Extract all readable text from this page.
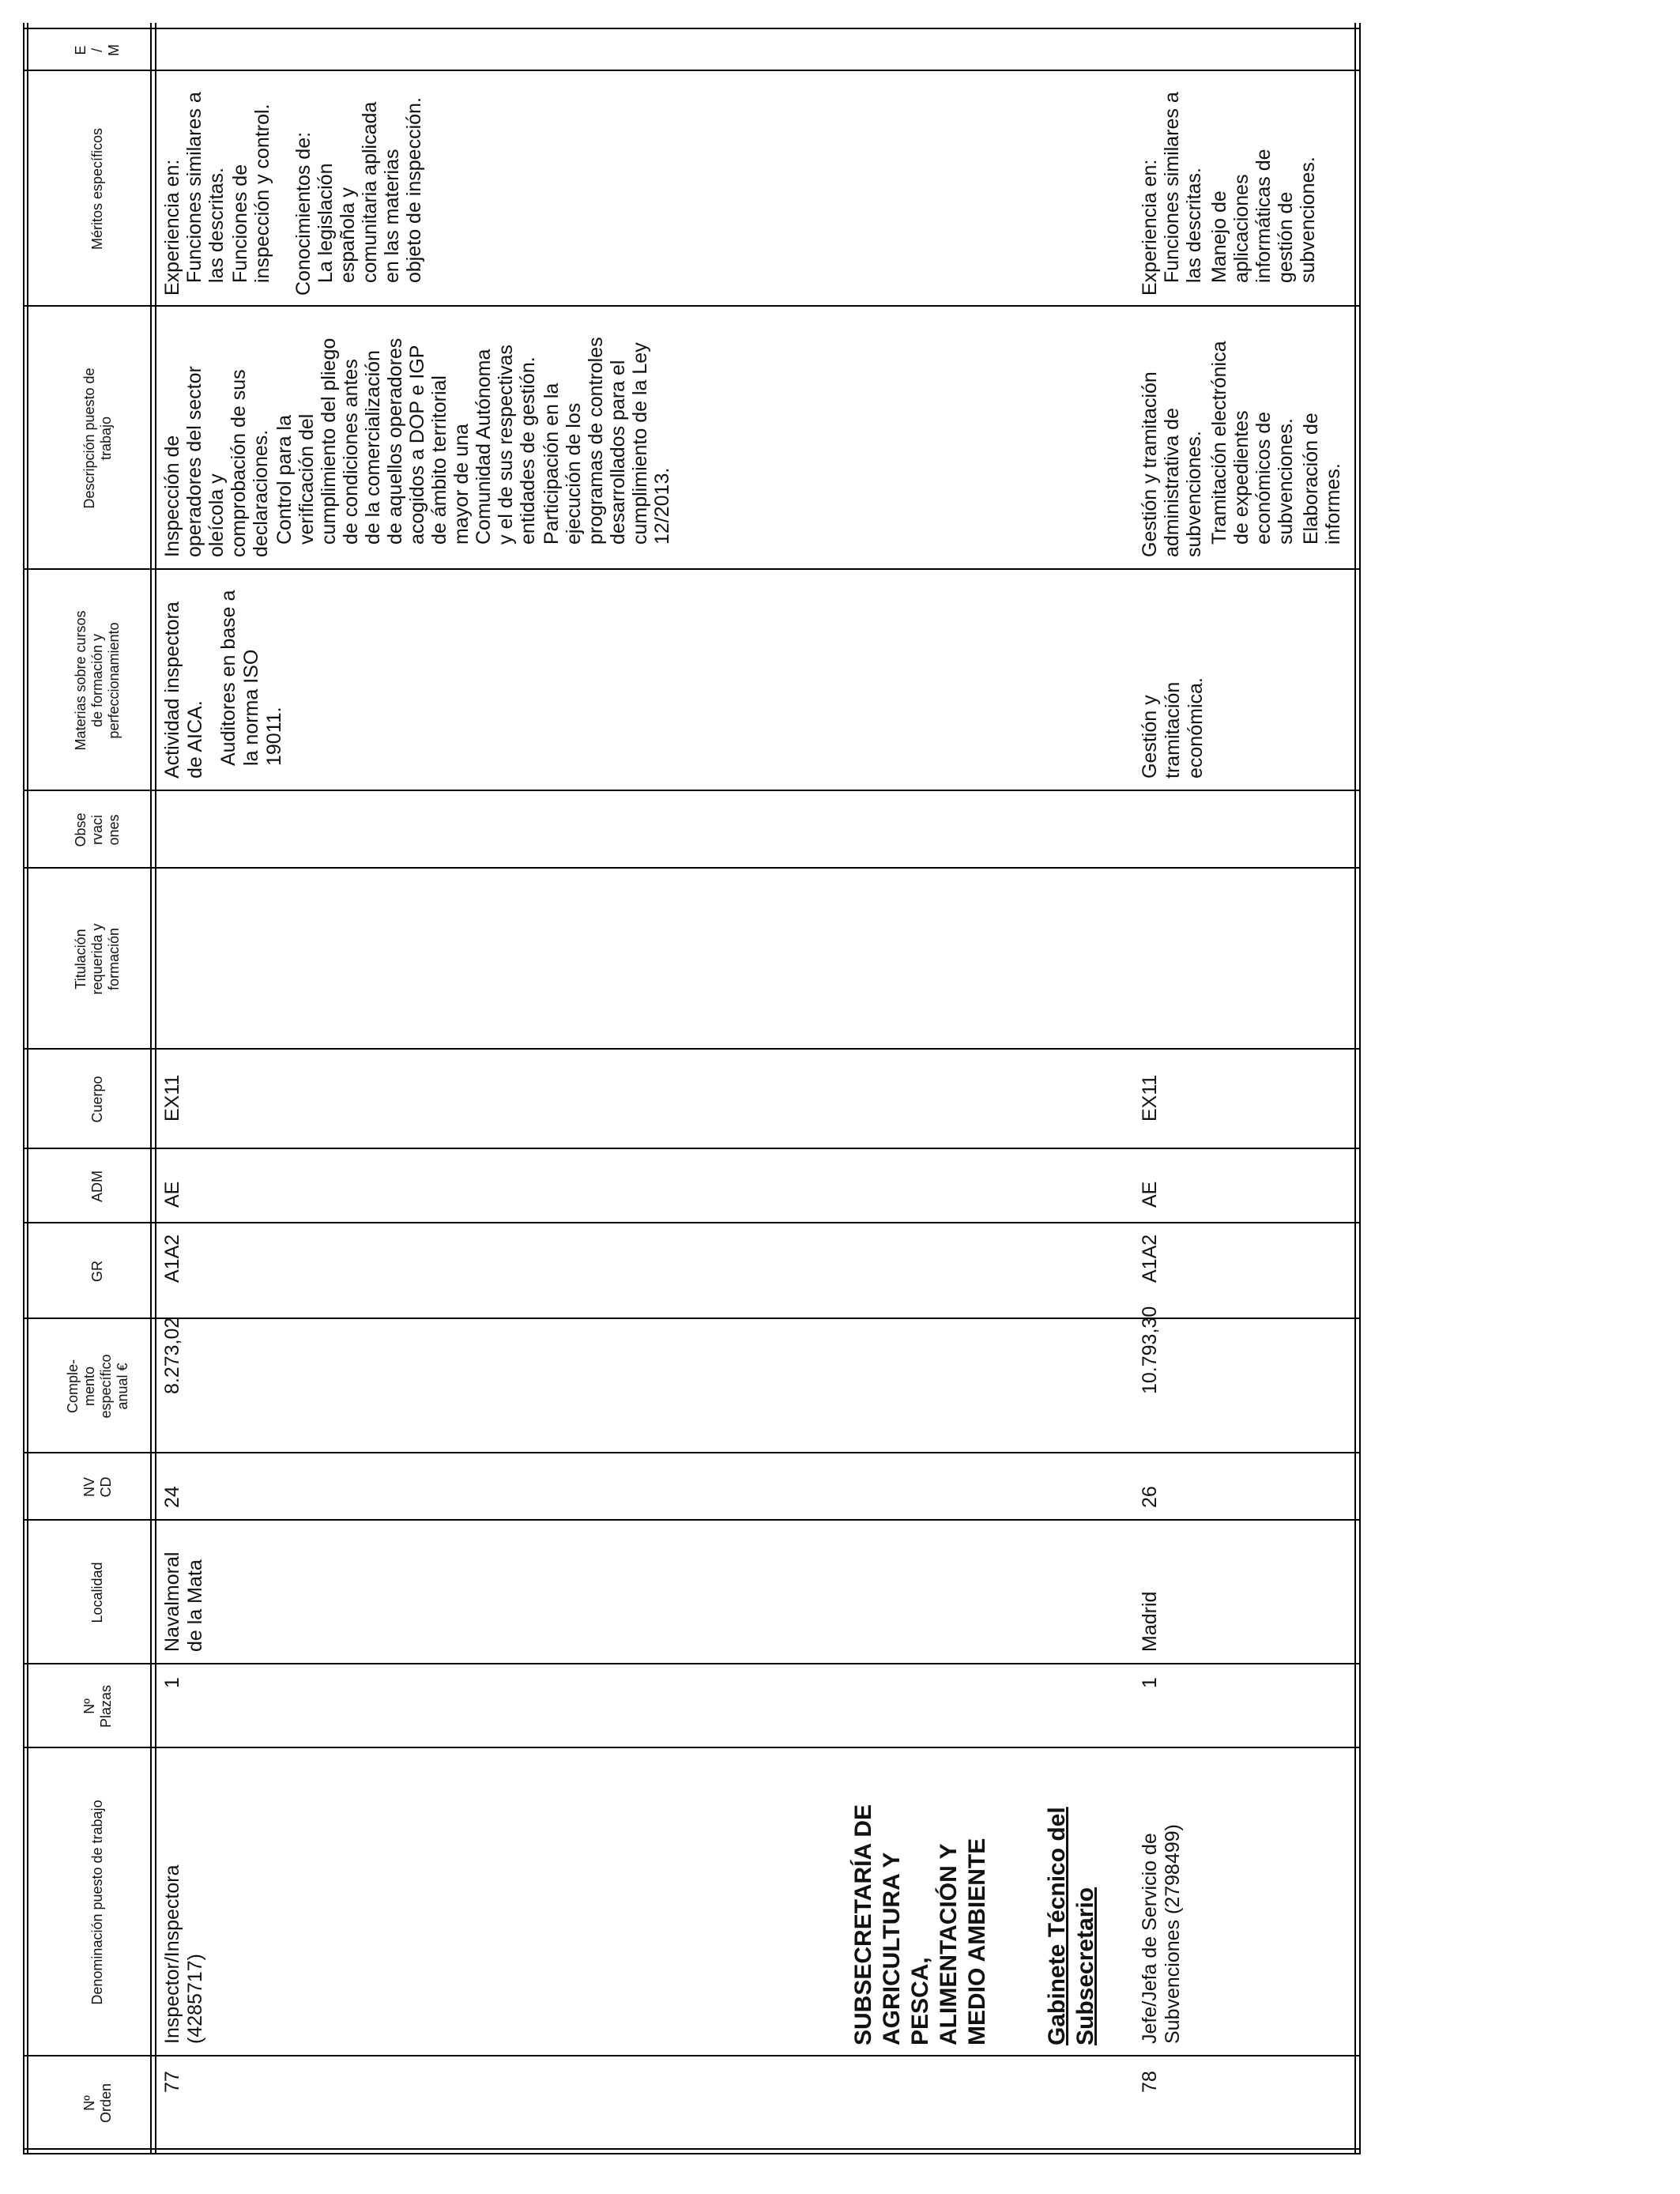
Nº Orden
Denominación puesto de trabajo
Nº Plazas
Localidad
NV CD
Comple- mento específico anual €
GR
ADM
Cuerpo
Titulación requerida y formación
Obse rvaci ones
Materias sobre cursos de formación y perfeccionamiento
Descripción puesto de trabajo
Méritos específicos
E / M
77
Inspector/Inspectora (4285717)
1
Navalmoral de la Mata
24
8.273,02
A1A2
AE
EX11

Actividad inspectora
de AICA. Auditores en base a
la norma ISO
19011.

Inspección de
operadores del sector
oleícola y
comprobación de sus
declaraciones. Control para la
verificación del
cumplimiento del pliego
de condiciones antes
de la comercialización
de aquellos operadores
acogidos a DOP e IGP
de ámbito territorial
mayor de una
Comunidad Autónoma
y el de sus respectivas
entidades de gestión. Participación en la
ejecución de los
programas de controles
desarrollados para el
cumplimiento de la Ley
12/2013.

Experiencia en: Funciones similares a
las descritas. Funciones de
inspección y control. Conocimientos de: La legislación
española y
comunitaria aplicada
en las materias
objeto de inspección.

SUBSECRETARÍA DE AGRICULTURA Y PESCA, ALIMENTACIÓN Y MEDIO AMBIENTE Gabinete Técnico del Subsecretario
78
Jefe/Jefa de Servicio de Subvenciones (2798499)
1
Madrid
26
10.793,30
A1A2
AE
EX11

Gestión y
tramitación
económica.

Gestión y tramitación
administrativa de
subvenciones. Tramitación electrónica
de expedientes
económicos de
subvenciones. Elaboración de
informes.

Experiencia en: Funciones similares a
las descritas. Manejo de
aplicaciones
informáticas de
gestión de
subvenciones.
